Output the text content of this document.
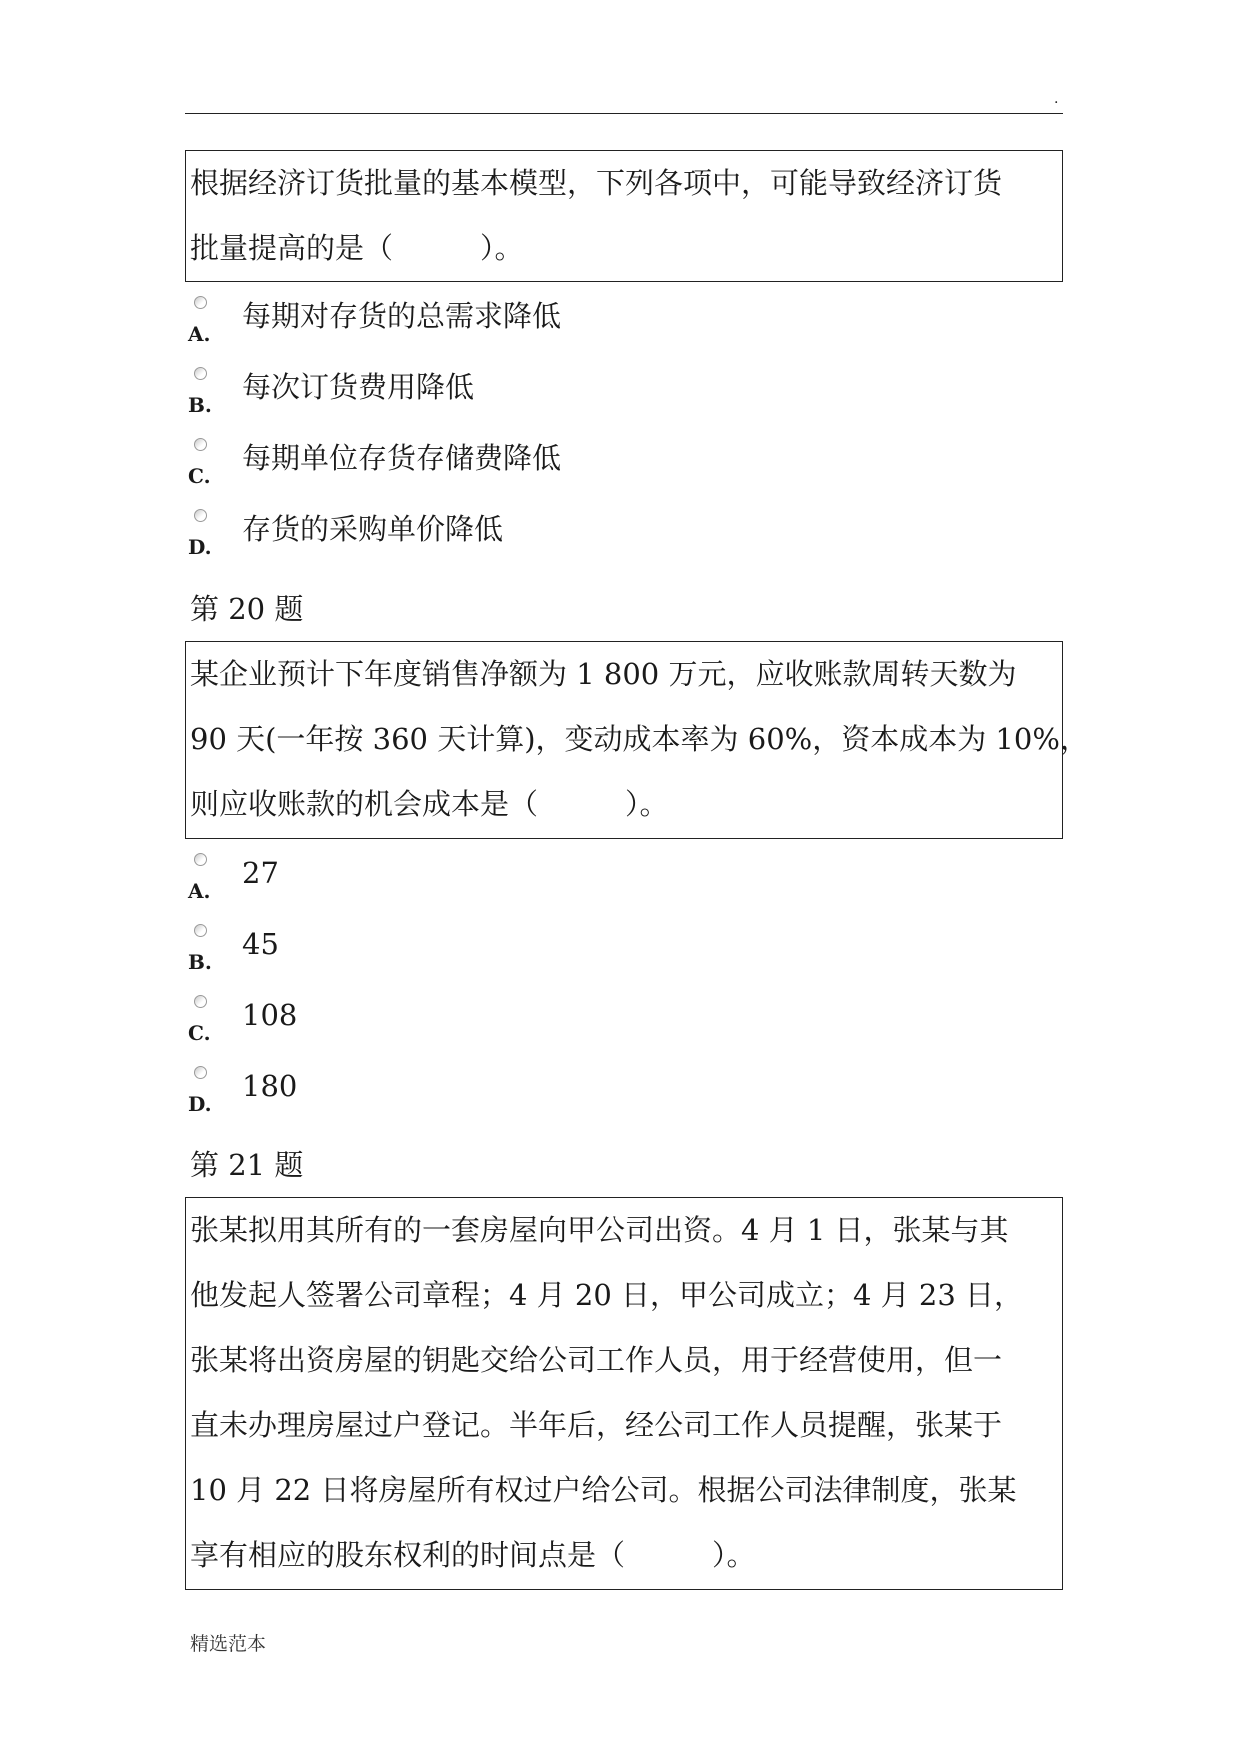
.
根据经济订货批量的基本模型，下列各项中，可能导致经济订货
批量提高的是（　　　）。
A.
每期对存货的总需求降低
B.
每次订货费用降低
C.
每期单位存货存储费降低
D.
存货的采购单价降低
第 20 题
某企业预计下年度销售净额为 1 800 万元，应收账款周转天数为
90 天(一年按 360 天计算)，变动成本率为 60%，资本成本为 10%，
则应收账款的机会成本是（　　　）。
A.
27
B.
45
C.
108
D.
180
第 21 题
张某拟用其所有的一套房屋向甲公司出资。4 月 1 日，张某与其
他发起人签署公司章程；4 月 20 日，甲公司成立；4 月 23 日，
张某将出资房屋的钥匙交给公司工作人员，用于经营使用，但一
直未办理房屋过户登记。半年后，经公司工作人员提醒，张某于
10 月 22 日将房屋所有权过户给公司。根据公司法律制度，张某
享有相应的股东权利的时间点是（　　　）。
精选范本
